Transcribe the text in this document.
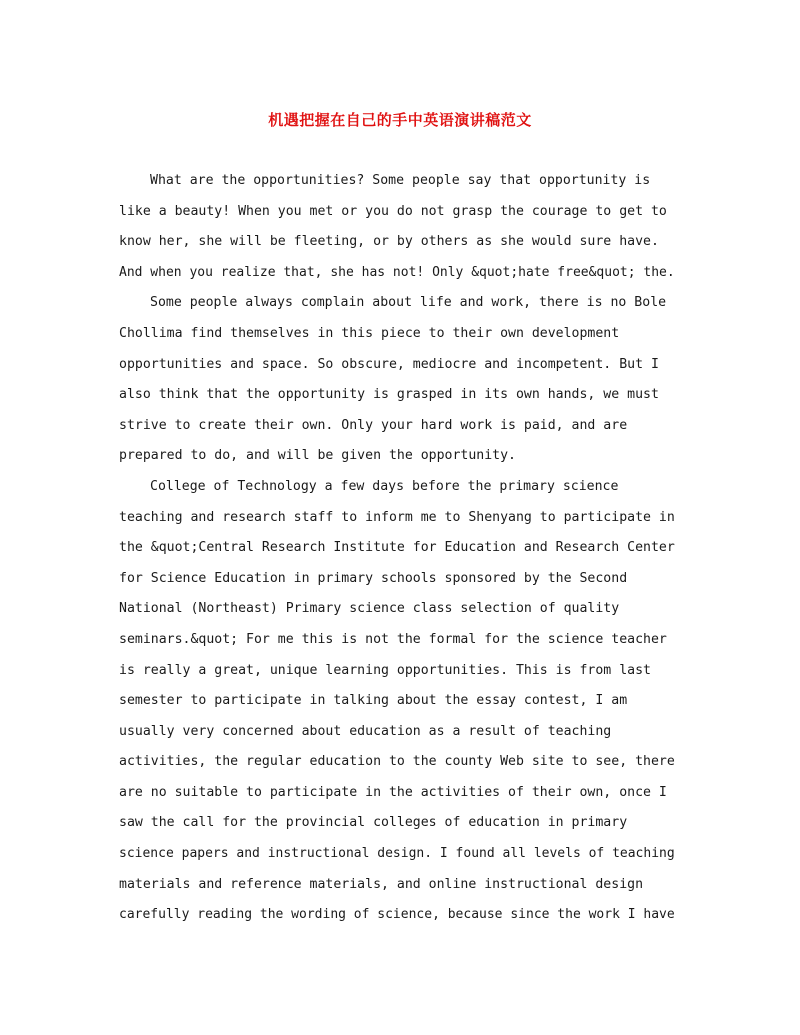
机遇把握在自己的手中英语演讲稿范文
What are the opportunities? Some people say that opportunity is
like a beauty! When you met or you do not grasp the courage to get to
know her, she will be fleeting, or by others as she would sure have.
And when you realize that, she has not! Only &quot;hate free&quot; the.
Some people always complain about life and work, there is no Bole
Chollima find themselves in this piece to their own development
opportunities and space. So obscure, mediocre and incompetent. But I
also think that the opportunity is grasped in its own hands, we must
strive to create their own. Only your hard work is paid, and are
prepared to do, and will be given the opportunity.
College of Technology a few days before the primary science
teaching and research staff to inform me to Shenyang to participate in
the &quot;Central Research Institute for Education and Research Center
for Science Education in primary schools sponsored by the Second
National (Northeast) Primary science class selection of quality
seminars.&quot; For me this is not the formal for the science teacher
is really a great, unique learning opportunities. This is from last
semester to participate in talking about the essay contest, I am
usually very concerned about education as a result of teaching
activities, the regular education to the county Web site to see, there
are no suitable to participate in the activities of their own, once I
saw the call for the provincial colleges of education in primary
science papers and instructional design. I found all levels of teaching
materials and reference materials, and online instructional design
carefully reading the wording of science, because since the work I have
